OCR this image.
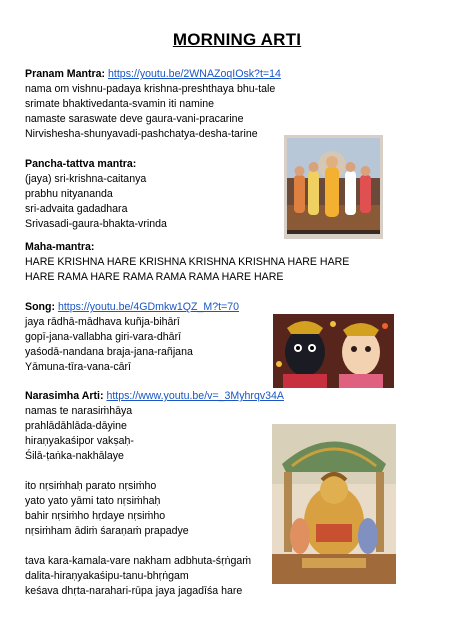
MORNING ARTI
Pranam Mantra: https://youtu.be/2WNAZoqIOsk?t=14
nama om vishnu-padaya krishna-preshthaya bhu-tale
srimate bhaktivedanta-svamin iti namine
namaste saraswate deve gaura-vani-pracarine
Nirvishesha-shunyavadi-pashchatya-desha-tarine
Pancha-tattva mantra:
(jaya) sri-krishna-caitanya
prabhu nityananda
sri-advaita gadadhara
Srivasadi-gaura-bhakta-vrinda
Maha-mantra:
HARE KRISHNA HARE KRISHNA KRISHNA KRISHNA HARE HARE
HARE RAMA HARE RAMA RAMA RAMA HARE HARE
Song: https://youtu.be/4GDmkw1QZ_M?t=70
jaya rādhā-mādhava kuñja-bihārī
gopī-jana-vallabha giri-vara-dhārī
yaśodā-nandana braja-jana-rañjana
Yāmuna-tīra-vana-cārī
Narasimha Arti: https://www.youtu.be/v=_3Myhrqv34A
namas te narasiṁhāya
prahlādāhlāda-dāyine
hiraṇyakaśipor vakṣaḥ-
Śilā-ṭaṅka-nakhālaye
ito nṛsiṁhaḥ parato nṛsiṁho
yato yato yāmi tato nṛsiṁhaḥ
bahir nṛsiṁho hṛdaye nṛsiṁho
nṛsiṁham ādiṁ śaraṇaṁ prapadye
tava kara-kamala-vare nakham adbhuta-śṛṅgaṁ
dalita-hiraṇyakaśipu-tanu-bhṛṅgam
keśava dhṛta-narahari-rūpa jaya jagadīśa hare
